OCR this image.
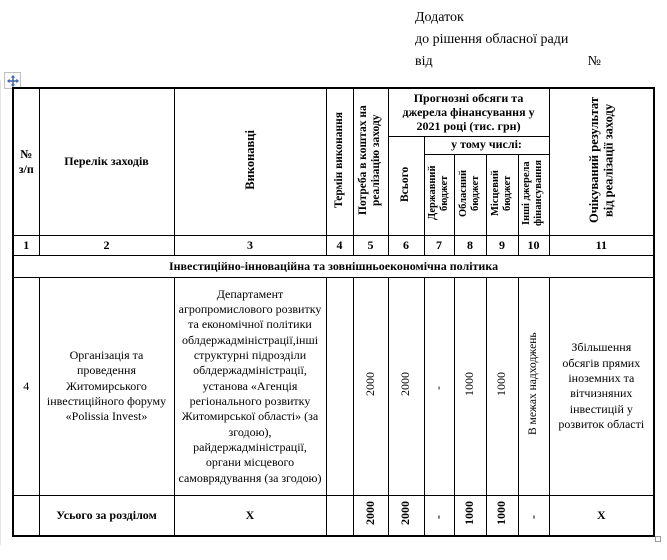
Додаток
до рішення обласної ради
від	№
№ з/п	Перелік заходів	Виконавці	Термін виконання	Потреба в коштах на реалізацію заходу	Прогнозні обсяги та джерела фінансування у 2021 році (тис. грн)					Очікуваний результат від реалізації заходу
					Всього	у тому числі:				
						Державний бюджет	Обласний бюджет	Місцевий бюджет	Інші джерела фінансування	
1	2	3	4	5	6	7	8	9	10	11
Інвестиційно-інноваційна та зовнішньоекономічна політика										
4	Організація та проведення Житомирського інвестиційного форуму «Polissia Invest»	Департамент агропромислового розвитку та економічної політики облдержадміністрації,інші структурні підрозділи облдержадміністрації, установа «Агенція регіонального розвитку Житомирської області» (за згодою), райдержадміністрації, органи місцевого самоврядування (за згодою)		2000	2000	-	1000	1000	В межах надходжень	Збільшення обсягів прямих іноземних та вітчизняних інвестицій у розвиток області
	Усього за розділом	Х		2000	2000	-	1000	1000	-	Х
